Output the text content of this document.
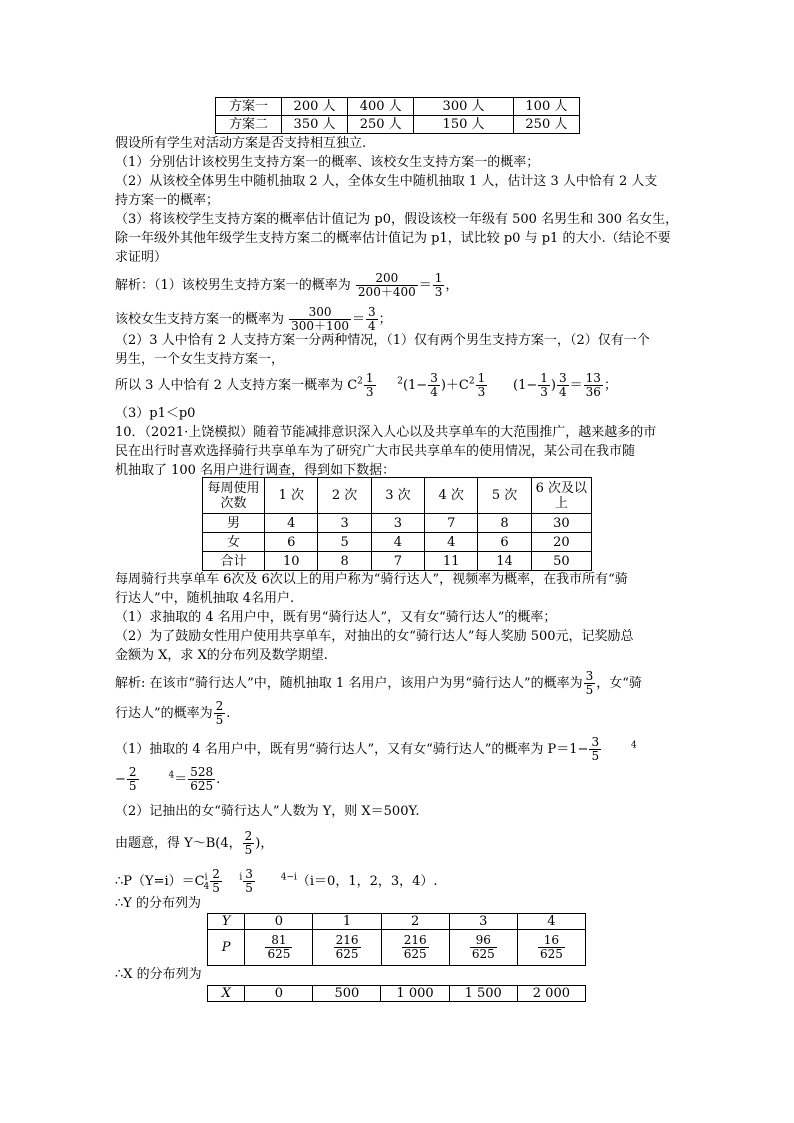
方案一	200 人	400 人	300 人	100 人
方案二	350 人	250 人	150 人	250 人
假设所有学生对活动方案是否支持相互独立.
（1）分别估计该校男生支持方案一的概率、该校女生支持方案一的概率；
（2）从该校全体男生中随机抽取 2 人，全体女生中随机抽取 1 人，估计这 3 人中恰有 2 人支
持方案一的概率；
（3）将该校学生支持方案的概率估计值记为 p0，假设该校一年级有 500 名男生和 300 名女生，
除一年级外其他年级学生支持方案二的概率估计值记为 p1，试比较 p0 与 p1 的大小.（结论不要
求证明）
解析：（1）该校男生支持方案一的概率为 $\frac{200}{200+400} = \frac{1}{3}$ ，
该校女生支持方案一的概率为 $\frac{300}{300+100} = \frac{3}{4}$ ；
（2）3 人中恰有 2 人支持方案一分两种情况，（1）仅有两个男生支持方案一，（2）仅有一个
男生，一个女生支持方案一，
所以 3 人中恰有 2 人支持方案一概率为 $C^2 \frac{1}{3} ^2(1- \frac{3}{4} )+C^2 \frac{1}{3} (1- \frac{1}{3}$ ) $\frac{3}{4} = \frac{13}{36}$ ；
（3）p1＜p0
10．（2021·上饶模拟）随着节能减排意识深入人心以及共享单车的大范围推广，越来越多的市
民在出行时喜欢选择骑行共享单车为了研究广大市民共享单车的使用情况，某公司在我市随
机抽取了 100 名用户进行调查，得到如下数据：
每周使用次数	1 次	2 次	3 次	4 次	5 次	6 次及以上
男	4	3	3	7	8	30
女	6	5	4	4	6	20
合计	10	8	7	11	14	50
每周骑行共享单车 6次及 6次以上的用户称为“骑行达人”，视频率为概率，在我市所有“骑
行达人”中，随机抽取 4名用户.
（1）求抽取的 4 名用户中，既有男“骑行达人”，又有女“骑行达人”的概率；
（2）为了鼓励女性用户使用共享单车，对抽出的女“骑行达人”每人奖励 500元，记奖励总
金额为 X，求 X的分布列及数学期望.
解析: 在该市“骑行达人”中，随机抽取 1 名用户，该用户为男“骑行达人”的概率为 $\frac{3}{5}$ ，女“骑
行达人”的概率为 $\frac{2}{5}$ .
（1）抽取的 4 名用户中，既有男“骑行达人”，又有女“骑行达人”的概率为 $P=1- \frac{3}{5}$	$^4$
− $\frac{2}{5}$	$^4= \frac{528}{625}$ .
（2）记抽出的女“骑行达人”人数为 Y，则 X＝500Y.
由题意，得 Y～B(4， $\frac{2}{5}$ )，
$\therefore P(Y=i)=C^i_4 \frac{2}{5} ^i \frac{3}{5}$	$^{4-i}$（i＝0，1，2，3，4）.
∴Y 的分布列为
Y	0	1	2	3	4
P	$\frac{81}{625}$	$\frac{216}{625}$	$\frac{216}{625}$	$\frac{96}{625}$	$\frac{16}{625}$
∴X 的分布列为
X	0	500	1 000	1 500	2 000
